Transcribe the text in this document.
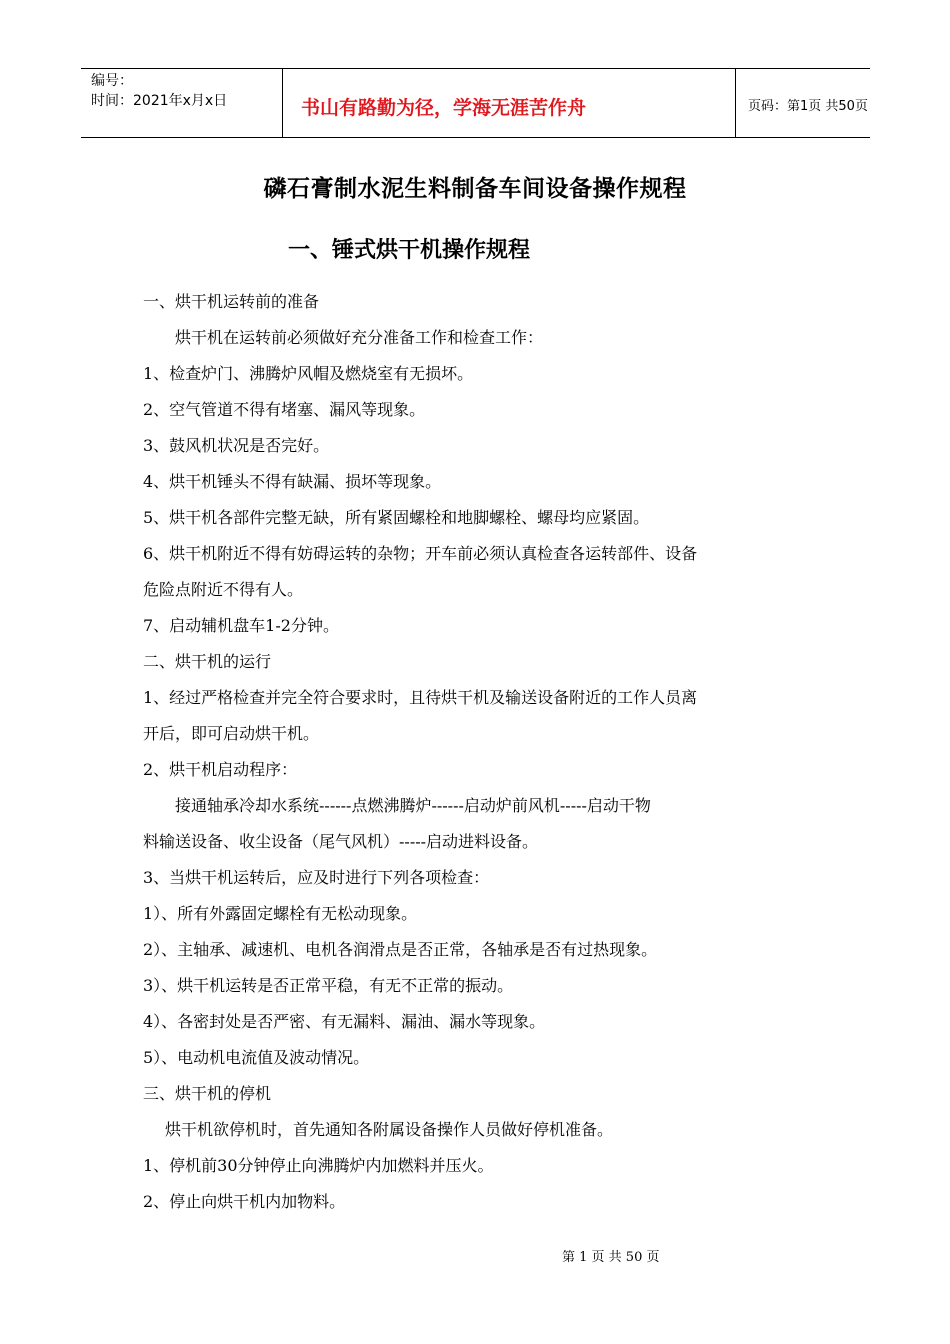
编号：
时间：2021年x月x日	书山有路勤为径，学海无涯苦作舟	页码：第1页 共50页
磷石膏制水泥生料制备车间设备操作规程
一、锤式烘干机操作规程
一、烘干机运转前的准备
烘干机在运转前必须做好充分准备工作和检查工作：
1、检查炉门、沸腾炉风帽及燃烧室有无损坏。
2、空气管道不得有堵塞、漏风等现象。
3、鼓风机状况是否完好。
4、烘干机锤头不得有缺漏、损坏等现象。
5、烘干机各部件完整无缺，所有紧固螺栓和地脚螺栓、螺母均应紧固。
6、烘干机附近不得有妨碍运转的杂物；开车前必须认真检查各运转部件、设备
危险点附近不得有人。
7、启动辅机盘车1-2分钟。
二、烘干机的运行
1、经过严格检查并完全符合要求时，且待烘干机及输送设备附近的工作人员离
开后，即可启动烘干机。
2、烘干机启动程序：
接通轴承冷却水系统------点燃沸腾炉------启动炉前风机-----启动干物
料输送设备、收尘设备（尾气风机）-----启动进料设备。
3、当烘干机运转后，应及时进行下列各项检查：
1）、所有外露固定螺栓有无松动现象。
2）、主轴承、减速机、电机各润滑点是否正常，各轴承是否有过热现象。
3）、烘干机运转是否正常平稳，有无不正常的振动。
4）、各密封处是否严密、有无漏料、漏油、漏水等现象。
5）、电动机电流值及波动情况。
三、烘干机的停机
烘干机欲停机时，首先通知各附属设备操作人员做好停机准备。
1、停机前30分钟停止向沸腾炉内加燃料并压火。
2、停止向烘干机内加物料。
第 1 页 共 50 页
